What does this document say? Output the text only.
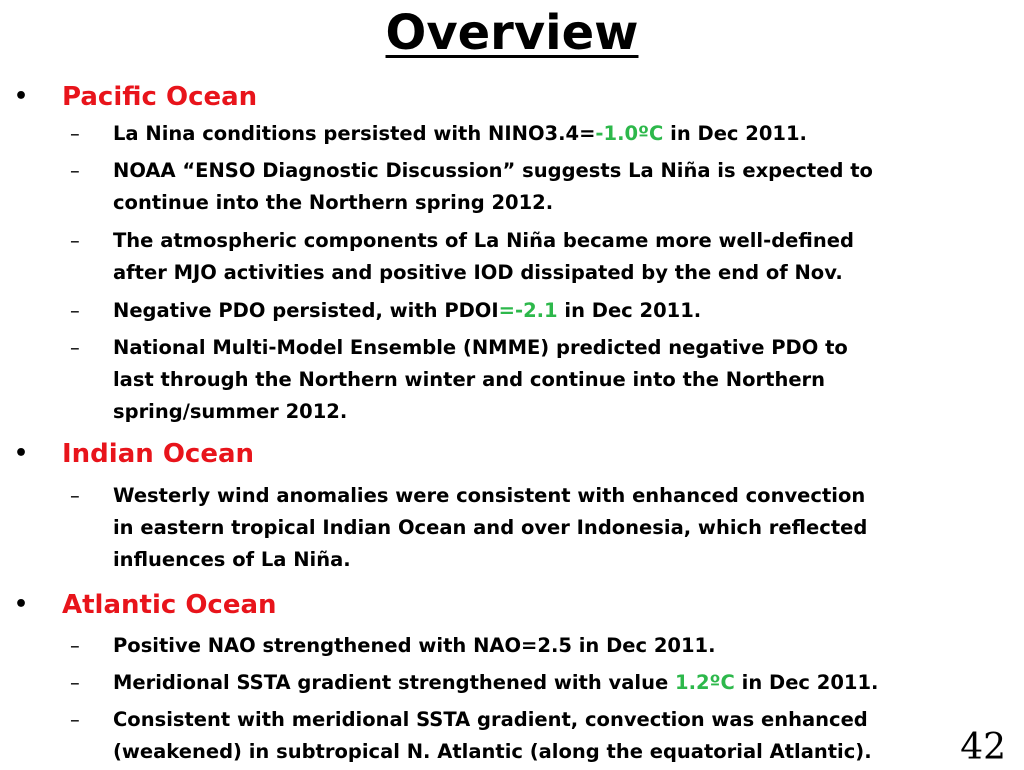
Overview
• Pacific Ocean
– La Nina conditions persisted with NINO3.4=-1.0ºC in Dec 2011.
– NOAA “ENSO Diagnostic Discussion” suggests La Niña is expected to
continue into the Northern spring 2012.
– The atmospheric components of La Niña became more well-defined
after MJO activities and positive IOD dissipated by the end of Nov.
– Negative PDO persisted, with PDOI=-2.1 in Dec 2011.
– National Multi-Model Ensemble (NMME) predicted negative PDO to
last through the Northern winter and continue into the Northern
spring/summer 2012.
• Indian Ocean
– Westerly wind anomalies were consistent with enhanced convection
in eastern tropical Indian Ocean and over Indonesia, which reflected
influences of La Niña.
• Atlantic Ocean
– Positive NAO strengthened with NAO=2.5 in Dec 2011.
– Meridional SSTA gradient strengthened with value 1.2ºC in Dec 2011.
– Consistent with meridional SSTA gradient, convection was enhanced
(weakened) in subtropical N. Atlantic (along the equatorial Atlantic).	42
